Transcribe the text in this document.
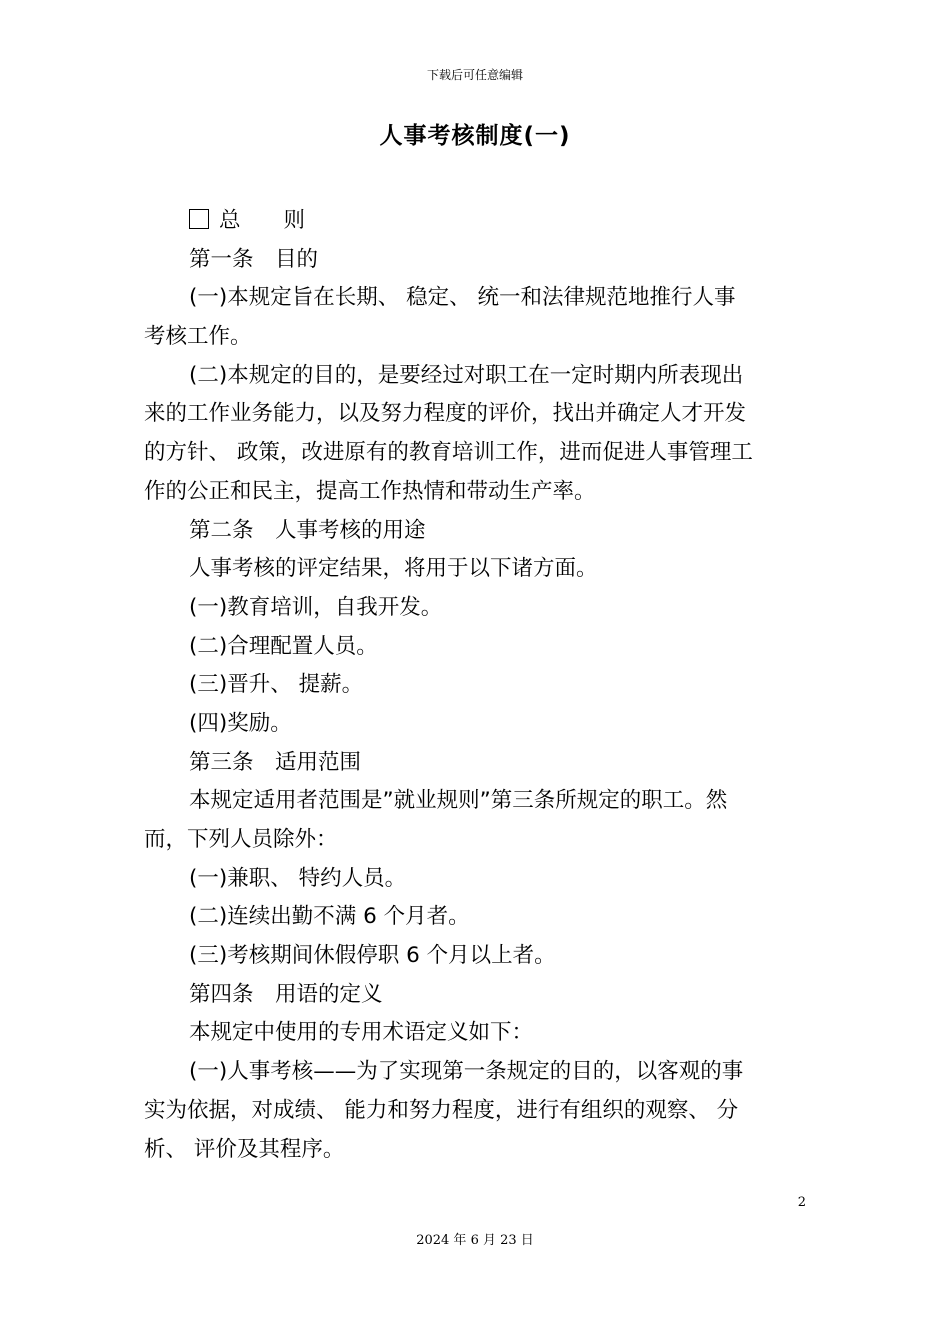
下载后可任意编辑
人事考核制度(一)
总　　则
第一条　目的
(一)本规定旨在长期、 稳定、 统一和法律规范地推行人事
考核工作。
(二)本规定的目的，是要经过对职工在一定时期内所表现出
来的工作业务能力，以及努力程度的评价，找出并确定人才开发
的方针、 政策，改进原有的教育培训工作，进而促进人事管理工
作的公正和民主，提高工作热情和带动生产率。
第二条　人事考核的用途
人事考核的评定结果，将用于以下诸方面。
(一)教育培训，自我开发。
(二)合理配置人员。
(三)晋升、 提薪。
(四)奖励。
第三条　适用范围
本规定适用者范围是”就业规则”第三条所规定的职工。然
而，下列人员除外：
(一)兼职、 特约人员。
(二)连续出勤不满 6 个月者。
(三)考核期间休假停职 6 个月以上者。
第四条　用语的定义
本规定中使用的专用术语定义如下：
(一)人事考核——为了实现第一条规定的目的，以客观的事
实为依据，对成绩、 能力和努力程度，进行有组织的观察、 分
析、 评价及其程序。
2
2024 年 6 月 23 日
